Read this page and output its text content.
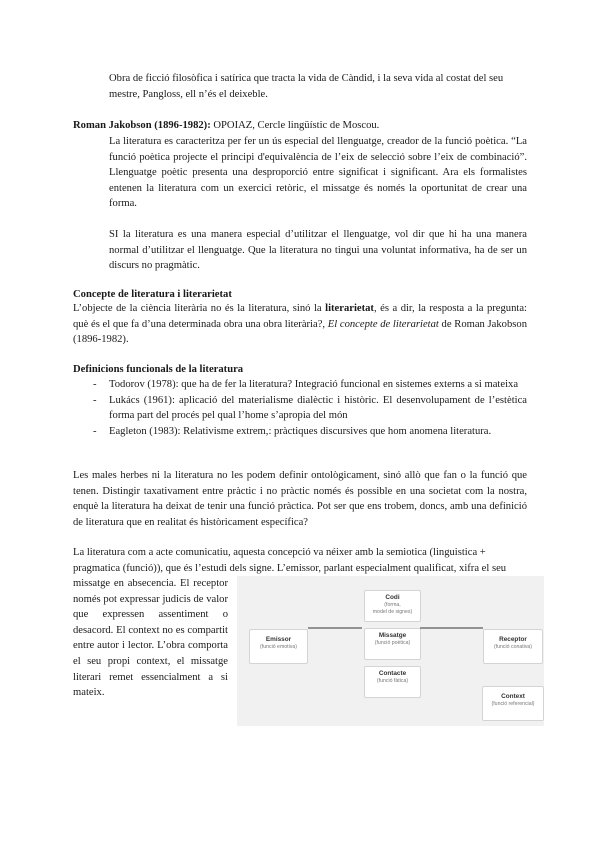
Obra de ficció filosòfica i satírica que tracta la vida de Càndid, i la seva vida al costat del seu

mestre, Pangloss, ell n’és el deixeble.

Roman Jakobson (1896-1982): OPOIAZ, Cercle lingüístic de Moscou.

La literatura es caracteritza per fer un ús especial del llenguatge, creador de la funció poètica. “La funció poètica projecte el principi d'equivalència de l’eix de selecció sobre l’eix de combinació”. Llenguatge poètic presenta una desproporció entre significat i significant. Ara els formalistes entenen la literatura com un exercici retòric, el missatge és només la oportunitat de crear una forma.

SI la literatura es una manera especial d’utilitzar el llenguatge, vol dir que hi ha una manera normal d’utilitzar el llenguatge. Que la literatura no tingui una voluntat informativa, ha de ser un discurs no pragmàtic.

Concepte de literatura i literarietat

L’objecte de la ciència literària no és la literatura, sinó la literarietat, és a dir, la resposta a la pregunta: què és el que fa d’una determinada obra una obra literària?, El concepte de literarietat de Roman Jakobson (1896-1982).

Definicions funcionals de la literatura

- Todorov (1978): que ha de fer la literatura? Integració funcional en sistemes externs a si mateixa
- Lukács (1961): aplicació del materialisme dialèctic i històric. El desenvolupament de l’estètica forma part del procés pel qual l’home s’apropia del món
- Eagleton (1983): Relativisme extrem,: pràctiques discursives que hom anomena literatura.

Les males herbes ni la literatura no les podem definir ontològicament, sinó allò que fan o la funció que tenen. Distingir taxativament entre pràctic i no pràctic només és possible en una societat com la nostra, enquè la literatura ha deixat de tenir una funció pràctica. Pot ser que ens trobem, doncs, amb una definició de literatura que en realitat és històricament específica?

La literatura com a acte comunicatiu, aquesta concepció va néixer amb la semiotica (linguistica +

pragmatica (funció)), que és l’estudi dels signe. L’emissor, parlant especialment qualificat, xifra el seu

missatge en absecencia. El receptor només pot expressar judicis de valor que expressen assentiment o desacord. El context no es compartit entre autor i lector. L’obra comporta el seu propi context, el missatge literari remet essencialment a si mateix.

Codi
(forma,
model de signes)
Emissor
(funció emotiva)
Missatge
(funció poètica)	Receptor
(funció conativa)
Contacte
(funció fàtica)
Context
(funció referencial)
